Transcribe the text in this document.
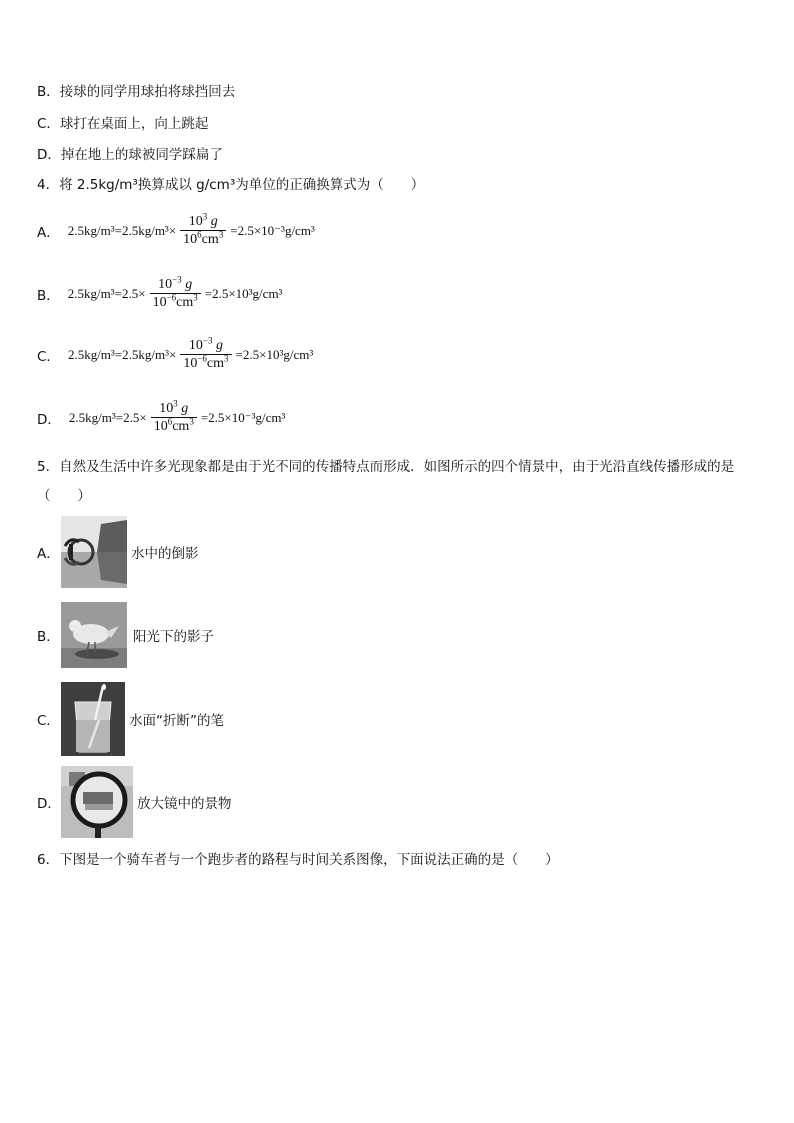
B．接球的同学用球拍将球挡回去
C．球打在桌面上，向上跳起
D．掉在地上的球被同学踩扁了
4．将 2.5kg/m³换算成以 g/cm³为单位的正确换算式为（　　）
A． $2.5kg/m^3=2.5kg/m^3\times \frac{10^3 g}{10^6cm^3} =2.5\times 10^{-3}g/cm^3$
B． $2.5kg/m^3=2.5\times \frac{10^{-3} g}{10^{-6}cm^3} =2.5\times 10^3g/cm^3$
C． $2.5kg/m^3=2.5kg/m^3\times \frac{10^{-3} g}{10^{-6}cm^3} =2.5\times 10^3g/cm^3$
D． $2.5kg/m^3=2.5\times \frac{10^3 g}{10^6cm^3} =2.5\times 10^{-3}g/cm^3$
5．自然及生活中许多光现象都是由于光不同的传播特点而形成．如图所示的四个情景中，由于光沿直线传播形成的是
（　　）
A．	水中的倒影
B．	阳光下的影子
C．	水面“折断”的笔
D．	放大镜中的景物
6．下图是一个骑车者与一个跑步者的路程与时间关系图像，下面说法正确的是（　　）
